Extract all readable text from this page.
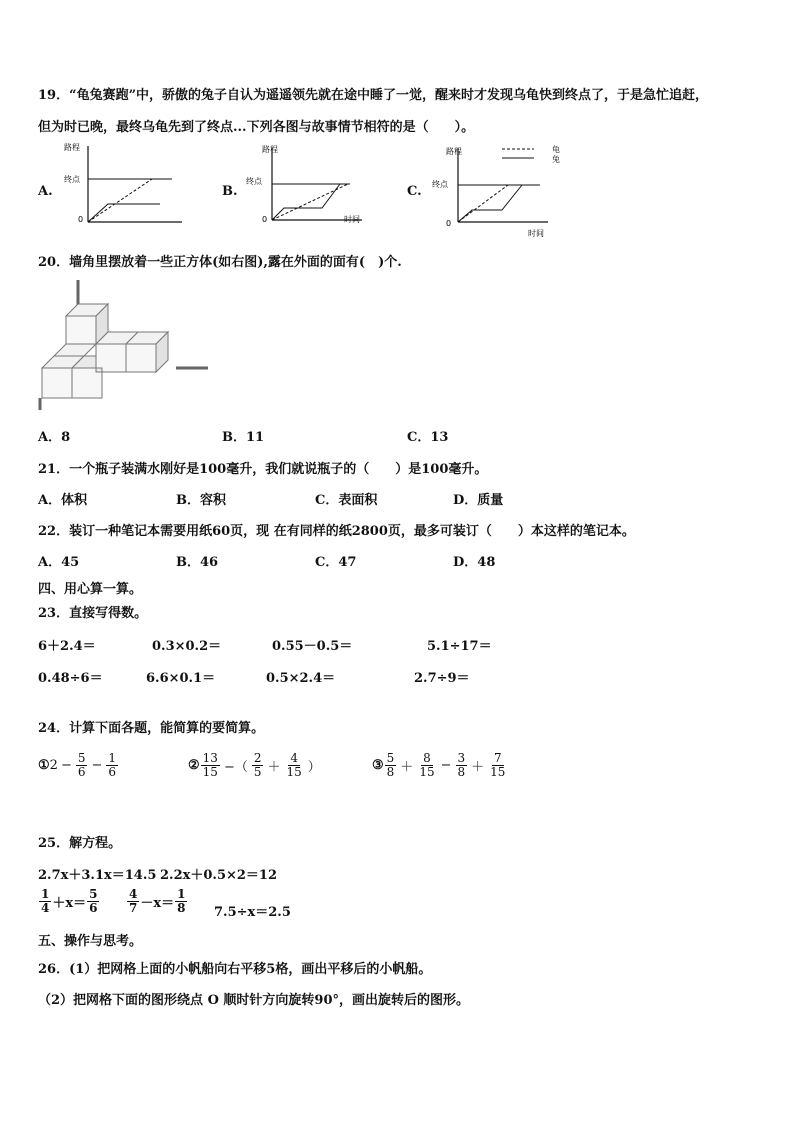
19．“龟兔赛跑”中，骄傲的兔子自认为遥遥领先就在途中睡了一觉，醒来时才发现乌龟快到终点了，于是急忙追赶，
但为时已晚，最终乌龟先到了终点...下列各图与故事情节相符的是（　　）。
A.
路程
终点
0
B.
路程
终点
0	时间
C.
路程
终点
0
时间
龟
兔
20．墙角里摆放着一些正方体(如右图),露在外面的面有(　)个.
A．8	B．11	C．13
21．一个瓶子装满水刚好是100毫升，我们就说瓶子的（　　）是100毫升。
A．体积	B．容积	C．表面积	D．质量
22．装订一种笔记本需要用纸60页，现 在有同样的纸2800页，最多可装订（　　）本这样的笔记本。
A．45	B．46	C．47	D．48
四、用心算一算。
23．直接写得数。
6＋2.4＝	0.3×0.2＝	0.55－0.5＝	5.1÷17＝
0.48÷6＝	6.6×0.1＝	0.5×2.4＝	2.7÷9＝
24．计算下面各题，能简算的要简算。
① $2 - \frac{5}{6} - \frac{1}{6}$	② $\frac{13}{15}$ −（ $\frac{2}{5} + \frac{4}{15}$ ）	③ $\frac{5}{8} + \frac{8}{15} - \frac{3}{8} + \frac{7}{15}$
25．解方程。
2.7x＋3.1x＝14.5 2.2x＋0.5×2＝12
$\frac{1}{4} +x= \frac{5}{6} \frac{4}{7} -x= \frac{1}{8} 7.5\div x=2.5$
五、操作与思考。
26．(1）把网格上面的小帆船向右平移5格，画出平移后的小帆船。
（2）把网格下面的图形绕点 O 顺时针方向旋转90°，画出旋转后的图形。
